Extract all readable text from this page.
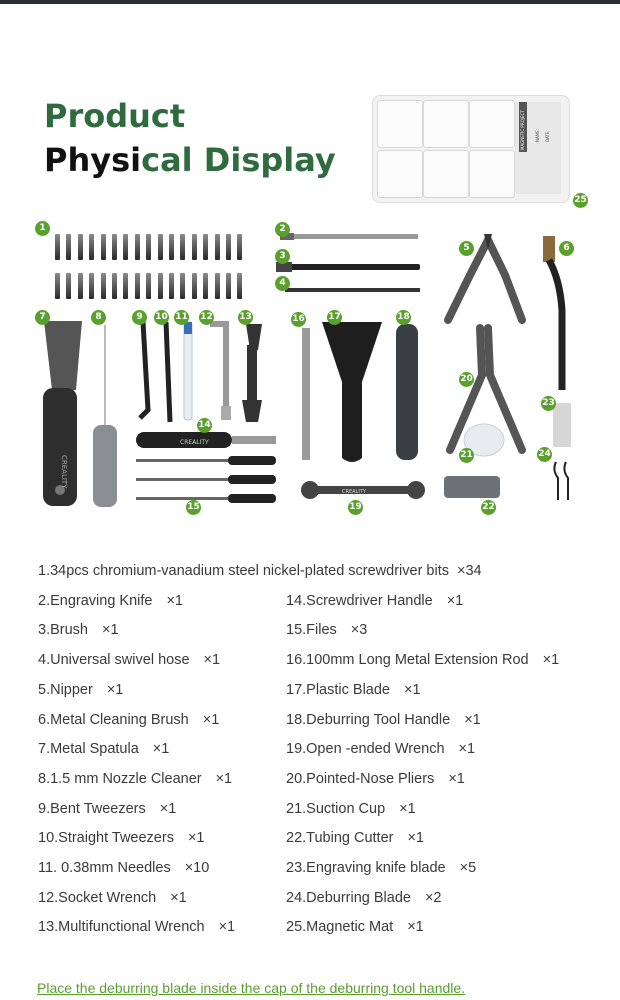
Product
Physical Display
MAGNETIC PROJECT	NAME: DATE:
CREALITY
CREALITY
CREALITY
1	2
3
4
5	6
7	8	9	10 11 12	13
14
15
16	17	18
19
20
21
22
23
24
25
1.34pcs chromium-vanadium steel nickel-plated screwdriver bits ×34
2.Engraving Knife ×1	14.Screwdriver Handle ×1
3.Brush ×1	15.Files ×3
4.Universal swivel hose ×1	16.100mm Long Metal Extension Rod ×1
5.Nipper ×1	17.Plastic Blade ×1
6.Metal Cleaning Brush ×1	18.Deburring Tool Handle ×1
7.Metal Spatula ×1	19.Open -ended Wrench ×1
8.1.5 mm Nozzle Cleaner ×1	20.Pointed-Nose Pliers ×1
9.Bent Tweezers ×1	21.Suction Cup ×1
10.Straight Tweezers ×1	22.Tubing Cutter ×1
11. 0.38mm Needles ×10	23.Engraving knife blade ×5
12.Socket Wrench ×1	24.Deburring Blade ×2
13.Multifunctional Wrench ×1	25.Magnetic Mat ×1
Place the deburring blade inside the cap of the deburring tool handle.
